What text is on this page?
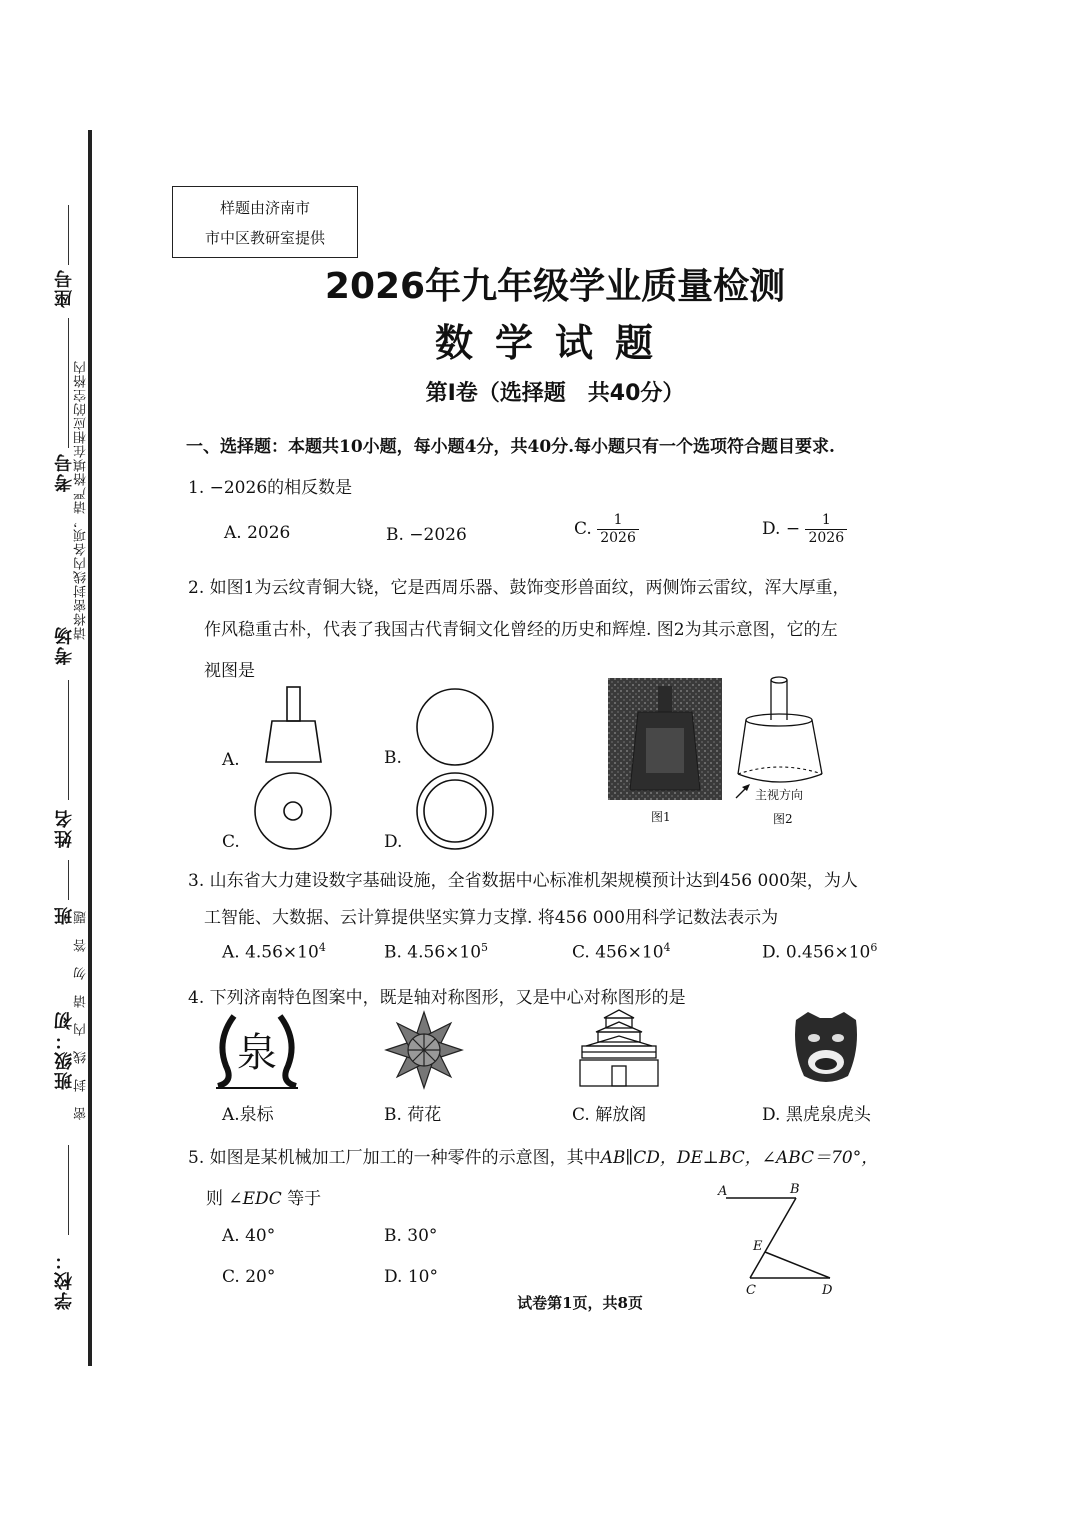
座号
考号 请将密封线内各项，请严格填在相应的空格内
考场
姓名
班
班级：初 密　封　线　内　请　勿　答　题
学校：
样题由济南市
市中区教研室提供
2026年九年级学业质量检测
数学试题
第I卷（选择题　共40分）
一、选择题：本题共10小题，每小题4分，共40分.每小题只有一个选项符合题目要求.
1. −2026的相反数是
A. 2026	B. −2026	C. $\frac{1}{2026}$	D. − $\frac{1}{2026}$
2. 如图1为云纹青铜大铙，它是西周乐器、鼓饰变形兽面纹，两侧饰云雷纹，浑大厚重，
作风稳重古朴，代表了我国古代青铜文化曾经的历史和辉煌. 图2为其示意图，它的左
视图是
A.	B.
C.	D.
图1
主视方向
图2
3. 山东省大力建设数字基础设施，全省数据中心标准机架规模预计达到456 000架，为人
工智能、大数据、云计算提供坚实算力支撑. 将456 000用科学记数法表示为
A. $4.56\times 10^4$	B. $4.56\times 10^5$	C. $456\times 10^4$	D. $0.456\times 10^6$
4. 下列济南特色图案中，既是轴对称图形，又是中心对称图形的是
泉
A.泉标	B. 荷花	C. 解放阁	D. 黑虎泉虎头
5. 如图是某机械加工厂加工的一种零件的示意图，其中AB∥CD，DE⊥BC，∠ABC＝70°，
则 ∠EDC 等于
A. 40°	B. 30°
C. 20°	D. 10°
A	B
E
C	D
试卷第1页，共8页
